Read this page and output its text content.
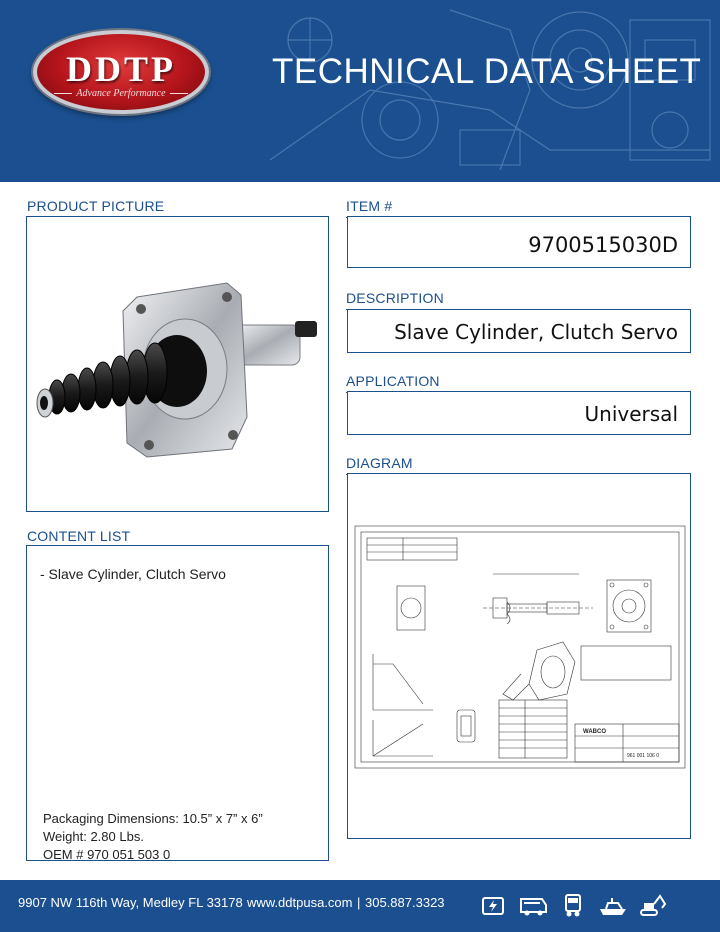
DDTP
Advance Performance
TECHNICAL DATA SHEET
PRODUCT PICTURE	ITEM #
DESCRIPTION
APPLICATION
DIAGRAM
CONTENT LIST
9700515030D
Slave Cylinder, Clutch Servo
Universal
WABCO
961 001 106 0
- Slave Cylinder, Clutch Servo
Packaging Dimensions: 10.5” x 7” x 6”
Weight: 2.80 Lbs.
OEM # 970 051 503 0
9907 NW 116th Way, Medley FL 33178 www.ddtpusa.com | 305.887.3323
